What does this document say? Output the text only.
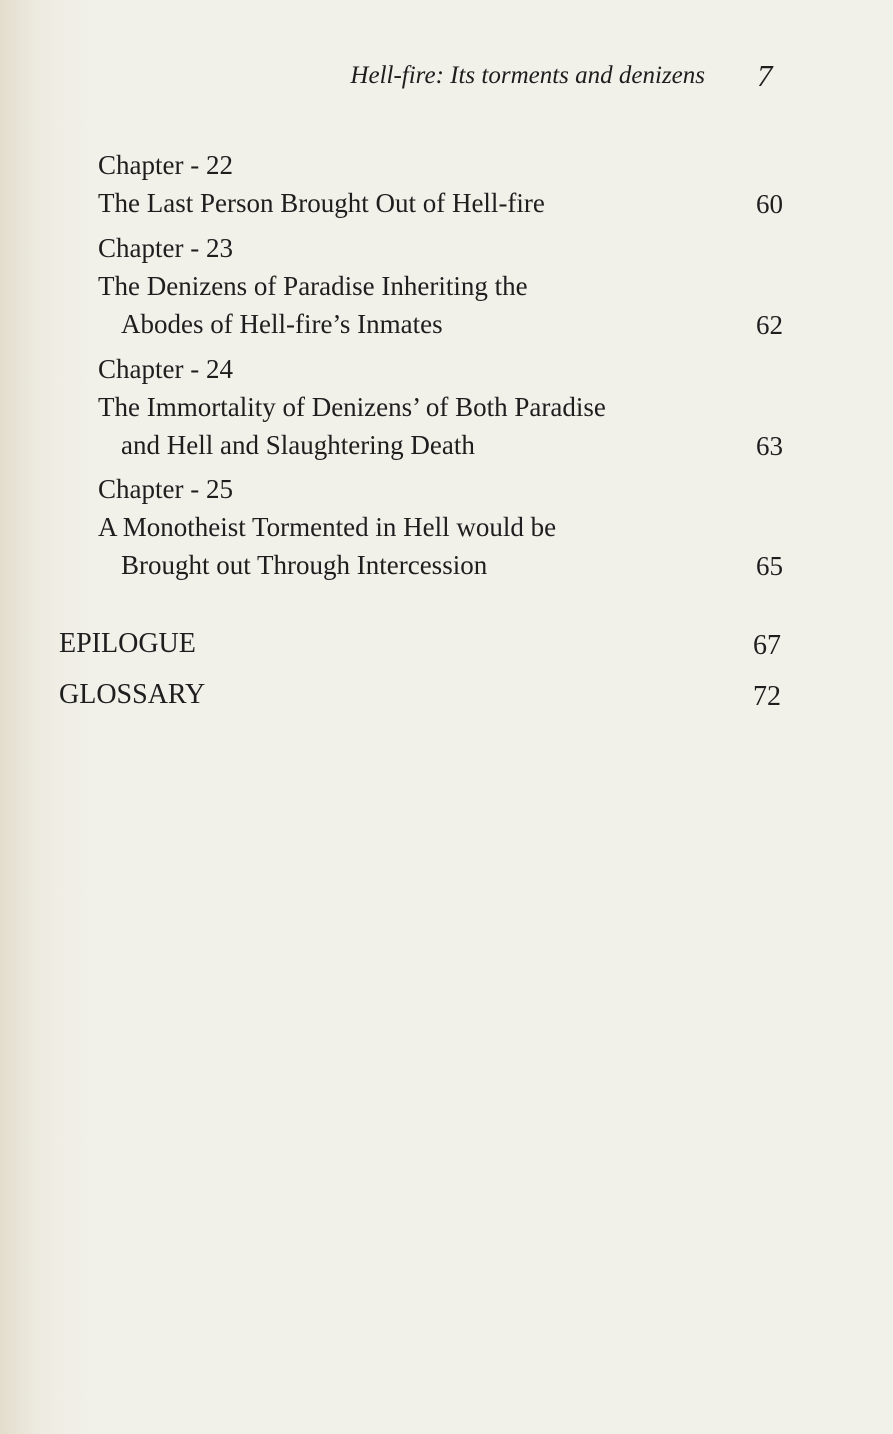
Hell-fire: Its torments and denizens 7
Chapter - 22
The Last Person Brought Out of Hell-fire	60
Chapter - 23
The Denizens of Paradise Inheriting the
Abodes of Hell-fire’s Inmates	62
Chapter - 24
The Immortality of Denizens’ of Both Paradise
and Hell and Slaughtering Death	63
Chapter - 25
A Monotheist Tormented in Hell would be
Brought out Through Intercession	65
EPILOGUE	67
GLOSSARY	72
